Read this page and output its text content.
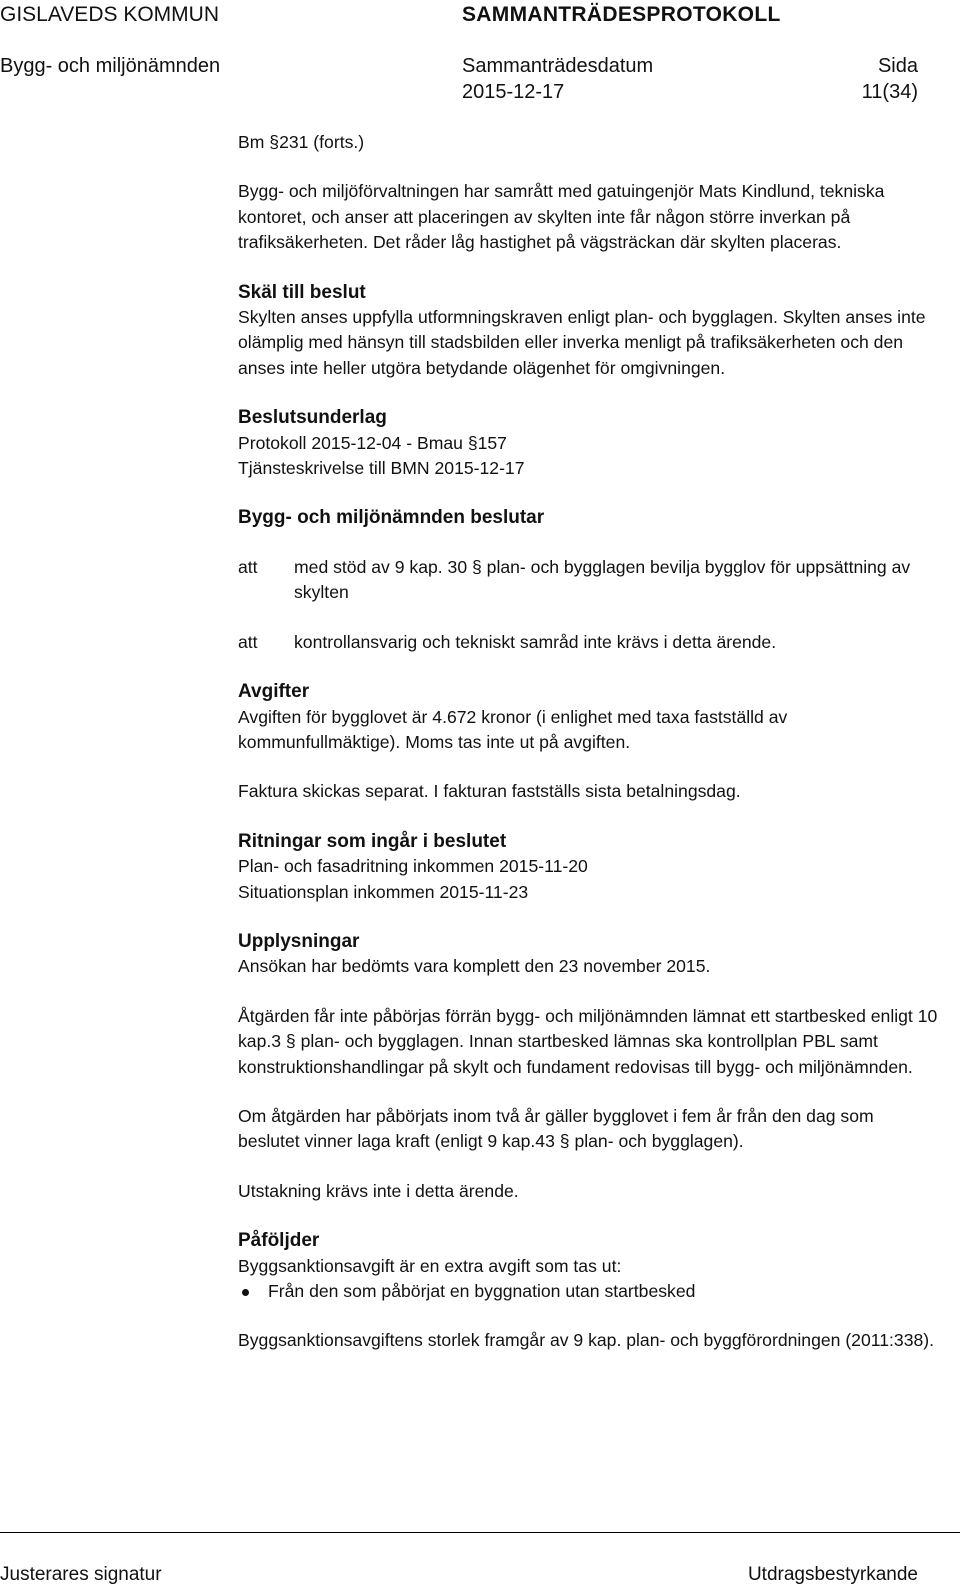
GISLAVEDS KOMMUN	SAMMANTRÄDESPROTOKOLL
Bygg- och miljönämnden	Sammanträdesdatum	Sida
2015-12-17	11(34)

Bm §231 (forts.)

Bygg- och miljöförvaltningen har samrått med gatuingenjör Mats Kindlund, tekniska kontoret, och anser att placeringen av skylten inte får någon större inverkan på trafiksäkerheten. Det råder låg hastighet på vägsträckan där skylten placeras.

Skäl till beslut

Skylten anses uppfylla utformningskraven enligt plan- och bygglagen. Skylten anses inte olämplig med hänsyn till stadsbilden eller inverka menligt på trafiksäkerheten och den anses inte heller utgöra betydande olägenhet för omgivningen.

Beslutsunderlag

Protokoll 2015-12-04 - Bmau §157

Tjänsteskrivelse till BMN 2015-12-17

Bygg- och miljönämnden beslutar

att med stöd av 9 kap. 30 § plan- och bygglagen bevilja bygglov för uppsättning av skylten
att kontrollansvarig och tekniskt samråd inte krävs i detta ärende.

Avgifter

Avgiften för bygglovet är 4.672 kronor (i enlighet med taxa fastställd av kommunfullmäktige). Moms tas inte ut på avgiften.

Faktura skickas separat. I fakturan fastställs sista betalningsdag.

Ritningar som ingår i beslutet

Plan- och fasadritning inkommen 2015-11-20

Situationsplan inkommen 2015-11-23

Upplysningar

Ansökan har bedömts vara komplett den 23 november 2015.

Åtgärden får inte påbörjas förrän bygg- och miljönämnden lämnat ett startbesked enligt 10 kap.3 § plan- och bygglagen. Innan startbesked lämnas ska kontrollplan PBL samt konstruktionshandlingar på skylt och fundament redovisas till bygg- och miljönämnden.

Om åtgärden har påbörjats inom två år gäller bygglovet i fem år från den dag som beslutet vinner laga kraft (enligt 9 kap.43 § plan- och bygglagen).

Utstakning krävs inte i detta ärende.

Påföljder

Byggsanktionsavgift är en extra avgift som tas ut:

Från den som påbörjat en byggnation utan startbesked

Byggsanktionsavgiftens storlek framgår av 9 kap. plan- och byggförordningen (2011:338).

Justerares signatur	Utdragsbestyrkande
